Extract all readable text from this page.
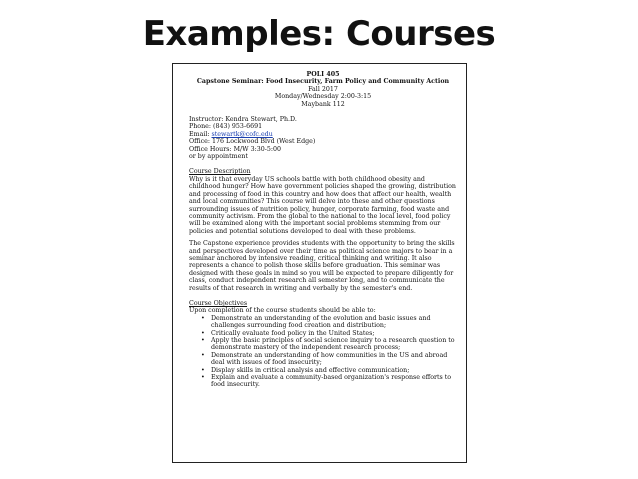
Examples: Courses
POLI 405
Capstone Seminar: Food Insecurity, Farm Policy and Community Action
Fall 2017
Monday/Wednesday 2:00-3:15
Maybank 112
Instructor: Kendra Stewart, Ph.D.
Phone: (843) 953-6691
Email: stewartk@cofc.edu
Office: 176 Lockwood Blvd (West Edge)
Office Hours: M/W 3:30-5:00
or by appointment
Course Description

Why is it that everyday US schools battle with both childhood obesity and childhood hunger? How have government policies shaped the growing, distribution and processing of food in this country and how does that affect our health, wealth and local communities? This course will delve into these and other questions surrounding issues of nutrition policy, hunger, corporate farming, food waste and community activism. From the global to the national to the local level, food policy will be examined along with the important social problems stemming from our policies and potential solutions developed to deal with these problems.

The Capstone experience provides students with the opportunity to bring the skills and perspectives developed over their time as political science majors to bear in a seminar anchored by intensive reading, critical thinking and writing. It also represents a chance to polish those skills before graduation. This seminar was designed with these goals in mind so you will be expected to prepare diligently for class, conduct independent research all semester long, and to communicate the results of that research in writing and verbally by the semester's end.

Course Objectives
Upon completion of the course students should be able to:
• Demonstrate an understanding of the evolution and basic issues and challenges surrounding food creation and distribution;
• Critically evaluate food policy in the United States;
• Apply the basic principles of social science inquiry to a research question to demonstrate mastery of the independent research process;
• Demonstrate an understanding of how communities in the US and abroad deal with issues of food insecurity;
• Display skills in critical analysis and effective communication;
• Explain and evaluate a community-based organization's response efforts to food insecurity.
